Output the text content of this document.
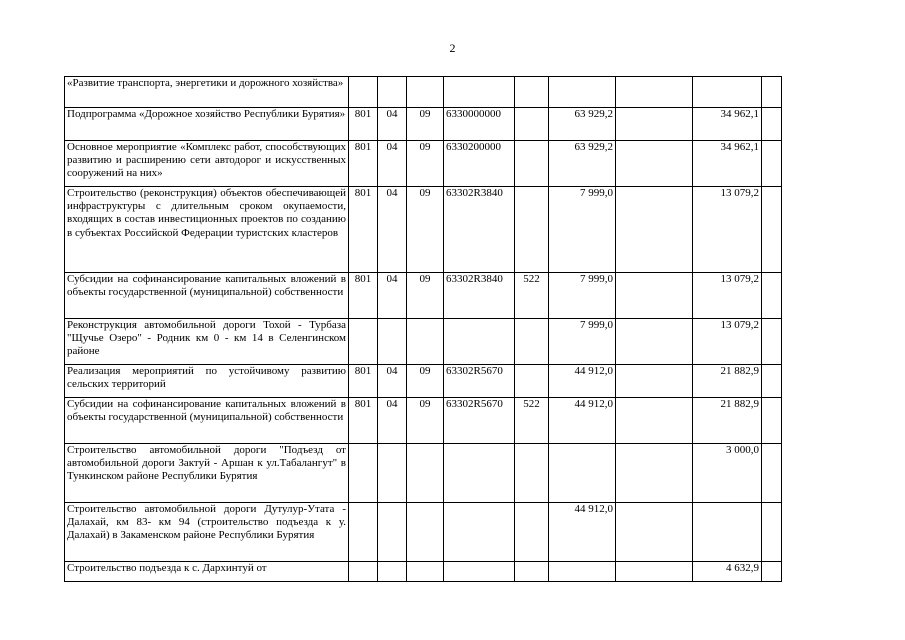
2
«Развитие транспорта, энергетики и дорожного хозяйства»									
Подпрограмма «Дорожное хозяйство Республики Бурятия»	801	04	09	6330000000		63 929,2		34 962,1	
Основное мероприятие «Комплекс работ, способствующих развитию и расширению сети автодорог и искусственных сооружений на них»	801	04	09	6330200000		63 929,2		34 962,1	
Строительство (реконструкция) объектов обеспечивающей инфраструктуры с длительным сроком окупаемости, входящих в состав инвестиционных проектов по созданию в субъектах Российской Федерации туристских кластеров	801	04	09	63302R3840		7 999,0		13 079,2	
Субсидии на софинансирование капитальных вложений в объекты государственной (муниципальной) собственности	801	04	09	63302R3840	522	7 999,0		13 079,2	
Реконструкция автомобильной дороги Тохой - Турбаза "Щучье Озеро" - Родник км 0 - км 14 в Селенгинском районе						7 999,0		13 079,2	
Реализация мероприятий по устойчивому развитию сельских территорий	801	04	09	63302R5670		44 912,0		21 882,9	
Субсидии на софинансирование капитальных вложений в объекты государственной (муниципальной) собственности	801	04	09	63302R5670	522	44 912,0		21 882,9	
Строительство автомобильной дороги "Подъезд от автомобильной дороги Зактуй - Аршан к ул.Табалангут" в Тункинском районе Республики Бурятия								3 000,0	
Строительство автомобильной дороги Дутулур-Утата - Далахай, км 83- км 94 (строительство подъезда к у. Далахай) в Закаменском районе Республики Бурятия						44 912,0			
Строительство подъезда к с. Дархинтуй от								4 632,9	
